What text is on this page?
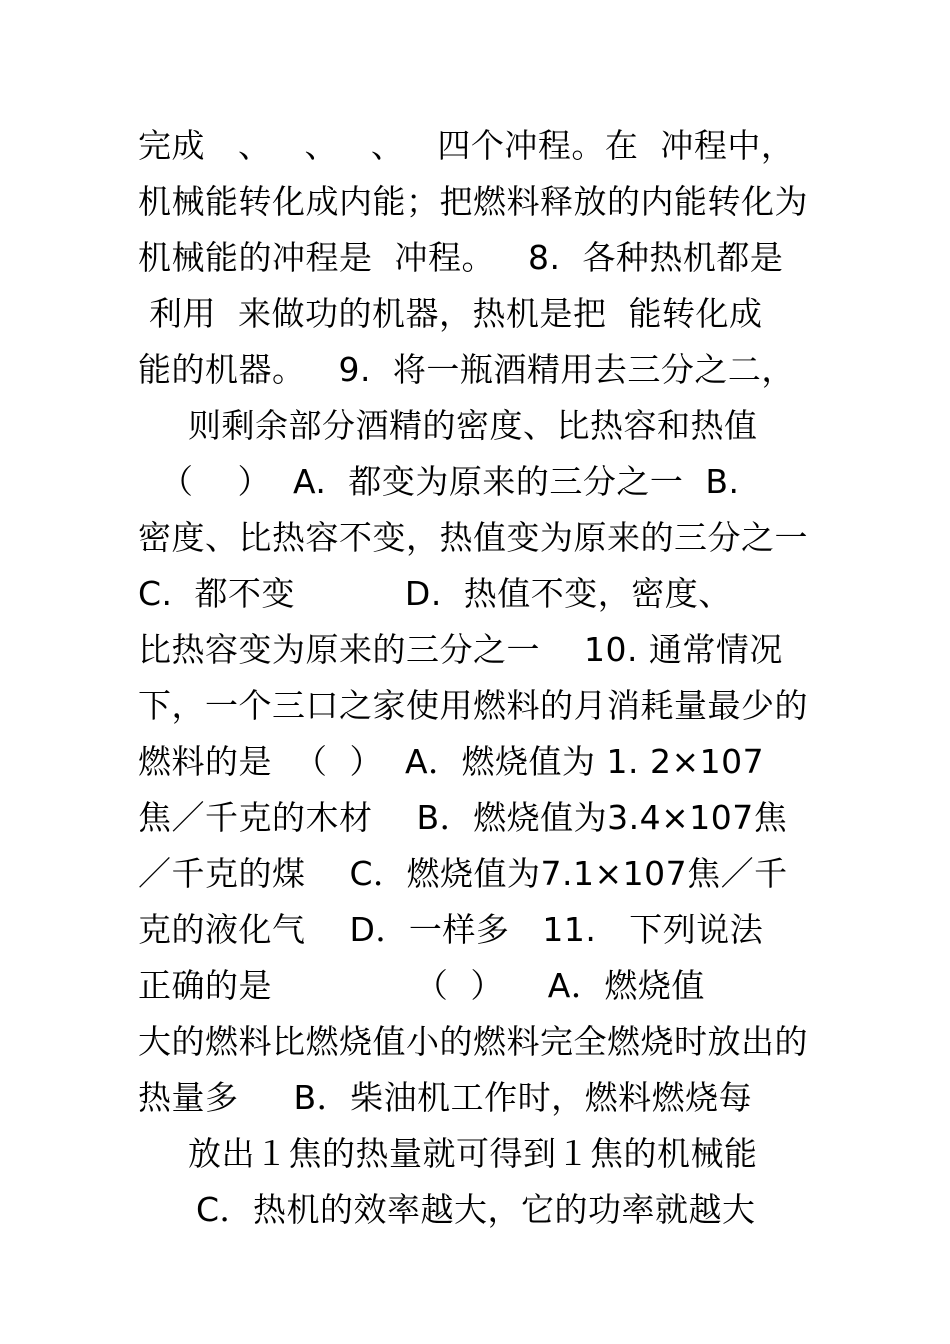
完成   、   、   、   四个冲程。在  冲程中，
机械能转化成内能；把燃料释放的内能转化为
机械能的冲程是  冲程。   8.  各种热机都是
利用  来做功的机器，热机是把  能转化成
能的机器。   9.  将一瓶酒精用去三分之二，
则剩余部分酒精的密度、比热容和热值
（    ）  A.  都变为原来的三分之一  B.
密度、比热容不变，热值变为原来的三分之一
C.  都不变          D.  热值不变，密度、
比热容变为原来的三分之一    10. 通常情况
下，一个三口之家使用燃料的月消耗量最少的
燃料的是  （  ）  A．燃烧值为 1. 2×107
焦／千克的木材    B．燃烧值为3.4×107焦
／千克的煤    C．燃烧值为7.1×107焦／千
克的液化气    D．一样多   11.   下列说法
正确的是             （  ）    A．燃烧值
大的燃料比燃烧值小的燃料完全燃烧时放出的
热量多     B．柴油机工作时，燃料燃烧每
放出１焦的热量就可得到１焦的机械能
C．热机的效率越大，它的功率就越大
